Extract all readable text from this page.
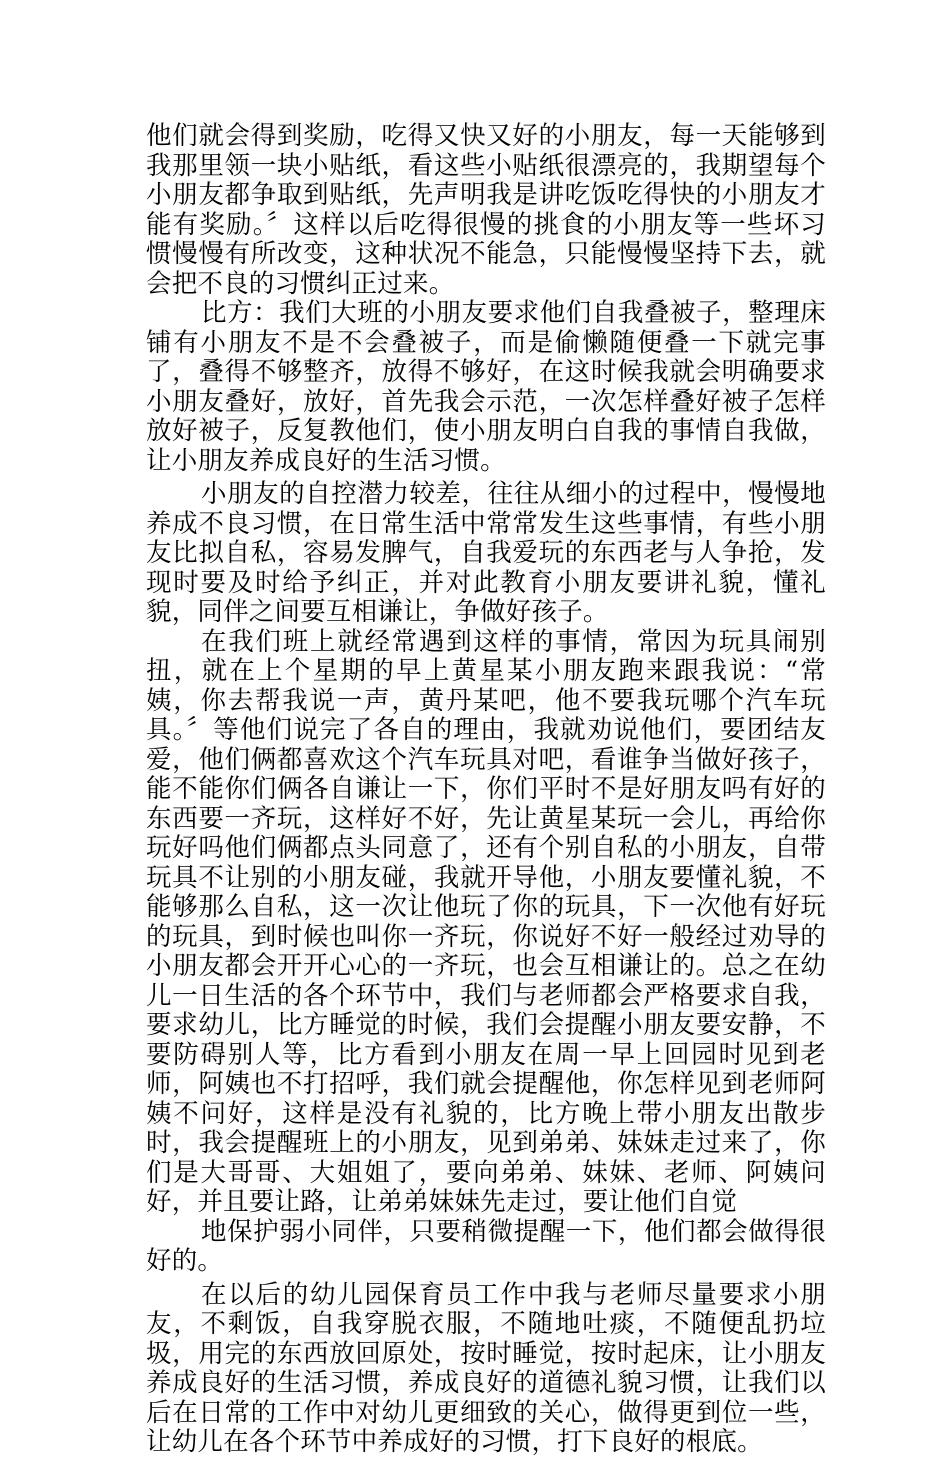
他们就会得到奖励，吃得又快又好的小朋友，每一天能够到我那里领一块小贴纸，看这些小贴纸很漂亮的，我期望每个小朋友都争取到贴纸，先声明我是讲吃饭吃得快的小朋友才能有奖励。〞这样以后吃得很慢的挑食的小朋友等一些坏习惯慢慢有所改变，这种状况不能急，只能慢慢坚持下去，就会把不良的习惯纠正过来。

比方：我们大班的小朋友要求他们自我叠被子，整理床铺有小朋友不是不会叠被子，而是偷懒随便叠一下就完事了，叠得不够整齐，放得不够好，在这时候我就会明确要求小朋友叠好，放好，首先我会示范，一次怎样叠好被子怎样放好被子，反复教他们，使小朋友明白自我的事情自我做，让小朋友养成良好的生活习惯。

小朋友的自控潜力较差，往往从细小的过程中，慢慢地养成不良习惯，在日常生活中常常发生这些事情，有些小朋友比拟自私，容易发脾气，自我爱玩的东西老与人争抢，发现时要及时给予纠正，并对此教育小朋友要讲礼貌，懂礼貌，同伴之间要互相谦让，争做好孩子。

在我们班上就经常遇到这样的事情，常因为玩具闹别扭，就在上个星期的早上黄星某小朋友跑来跟我说：“常姨，你去帮我说一声，黄丹某吧，他不要我玩哪个汽车玩具。〞等他们说完了各自的理由，我就劝说他们，要团结友爱，他们俩都喜欢这个汽车玩具对吧，看谁争当做好孩子，能不能你们俩各自谦让一下，你们平时不是好朋友吗有好的东西要一齐玩，这样好不好，先让黄星某玩一会儿，再给你玩好吗他们俩都点头同意了，还有个别自私的小朋友，自带玩具不让别的小朋友碰，我就开导他，小朋友要懂礼貌，不能够那么自私，这一次让他玩了你的玩具，下一次他有好玩的玩具，到时候也叫你一齐玩，你说好不好一般经过劝导的小朋友都会开开心心的一齐玩，也会互相谦让的。总之在幼儿一日生活的各个环节中，我们与老师都会严格要求自我，要求幼儿，比方睡觉的时候，我们会提醒小朋友要安静，不要防碍别人等，比方看到小朋友在周一早上回园时见到老师，阿姨也不打招呼，我们就会提醒他，你怎样见到老师阿姨不问好，这样是没有礼貌的，比方晚上带小朋友出散步时，我会提醒班上的小朋友，见到弟弟、妹妹走过来了，你们是大哥哥、大姐姐了，要向弟弟、妹妹、老师、阿姨问好，并且要让路，让弟弟妹妹先走过，要让他们自觉

地保护弱小同伴，只要稍微提醒一下，他们都会做得很好的。

在以后的幼儿园保育员工作中我与老师尽量要求小朋友，不剩饭，自我穿脱衣服，不随地吐痰，不随便乱扔垃圾，用完的东西放回原处，按时睡觉，按时起床，让小朋友养成良好的生活习惯，养成良好的道德礼貌习惯，让我们以后在日常的工作中对幼儿更细致的关心，做得更到位一些，让幼儿在各个环节中养成好的习惯，打下良好的根底。
